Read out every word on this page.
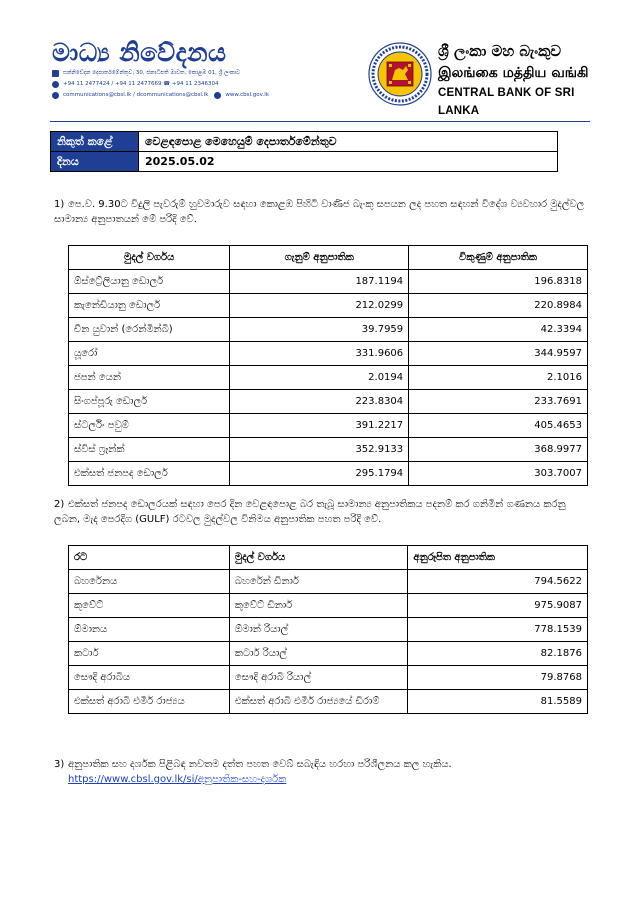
මාධ්‍ය නිවේදනය
සන්නිවේදන දෙපාර්තමේන්තුව, 30, ජනාධිපති මාවත, කොළඹ 01, ශ්‍රී ලංකාව
+94 11 2477424 / +94 11 2477669 ☎ +94 11 2346304
communications@cbsl.lk / dcommunications@cbsl.lk	www.cbsl.gov.lk
ශ්‍රී ලංකා මහ බැංකුව
இலங்கை மத்திய வங்கி
CENTRAL BANK OF SRI LANKA
නිකුත් කළේ	වෙළඳපොළ මෙහෙයුම් දෙපාර්තමේන්තුව
දිනය	2025.05.02
1) පෙ.ව. 9.30ට විදුලි පැවරුම් හුවමාරුව සඳහා කොළඹ පිහිටි වාණිජ බැංකු සපයන ලද පහත සඳහන් විදේශ ව්‍යවහාර මුදල්වල සාමාන්‍ය අනුපාතයන් මේ පරිදි වේ.
මුදල් වර්ගය	ගැනුම් අනුපාතික	විකුණුම් අනුපාතික
ඕස්ට්‍රේලියානු ඩොලර්	187.1194	196.8318
කැනේඩියානු ඩොලර්	212.0299	220.8984
චීන යුවාන් (රෙන්මින්බි)	39.7959	42.3394
යූරෝ	331.9606	344.9597
ජපන් යෙන්	2.0194	2.1016
සිංගප්පූරු ඩොලර්	223.8304	233.7691
ස්ටර්ලිං පවුම්	391.2217	405.4653
ස්විස් ෆ්‍රෑන්ක්	352.9133	368.9977
එක්සත් ජනපද ඩොලර්	295.1794	303.7007
2) එක්සත් ජනපද ඩොලරයක් සඳහා පෙර දින වෙළඳපොළ බර තැබූ සාමාන්‍ය අනුපාතිකය පදනම් කර ගනිමින් ගණනය කරනු ලබන, මැද පෙරදිග (GULF) රටවල මුදල්වල විනිමය අනුපාතික පහත පරිදි වේ.
රට	මුදල් වර්ගය	අනුරූපිත අනුපාතික
බහරේනය	බහරේන් ඩිනාර්	794.5622
කුවේට්	කුවේට් ඩිනාර්	975.9087
ඕමානය	ඕමාන් රියාල්	778.1539
කටාර්	කටාර් රියාල්	82.1876
සෞදි අරාබිය	සෞදි අරාබි රියාල්	79.8768
එක්සත් අරාබි එමීර් රාජ්‍යය	එක්සත් අරාබි එමීර් රාජ්‍යයේ ඩිරාම්	81.5589
3) අනුපාතික සහ දර්ශක පිළිබඳ නවතම දත්ත පහත වෙබ් සබැඳිය හරහා පරිශීලනය කල හැකිය.
https://www.cbsl.gov.lk/si/අනුපාතික-සහ-දර්ශක
